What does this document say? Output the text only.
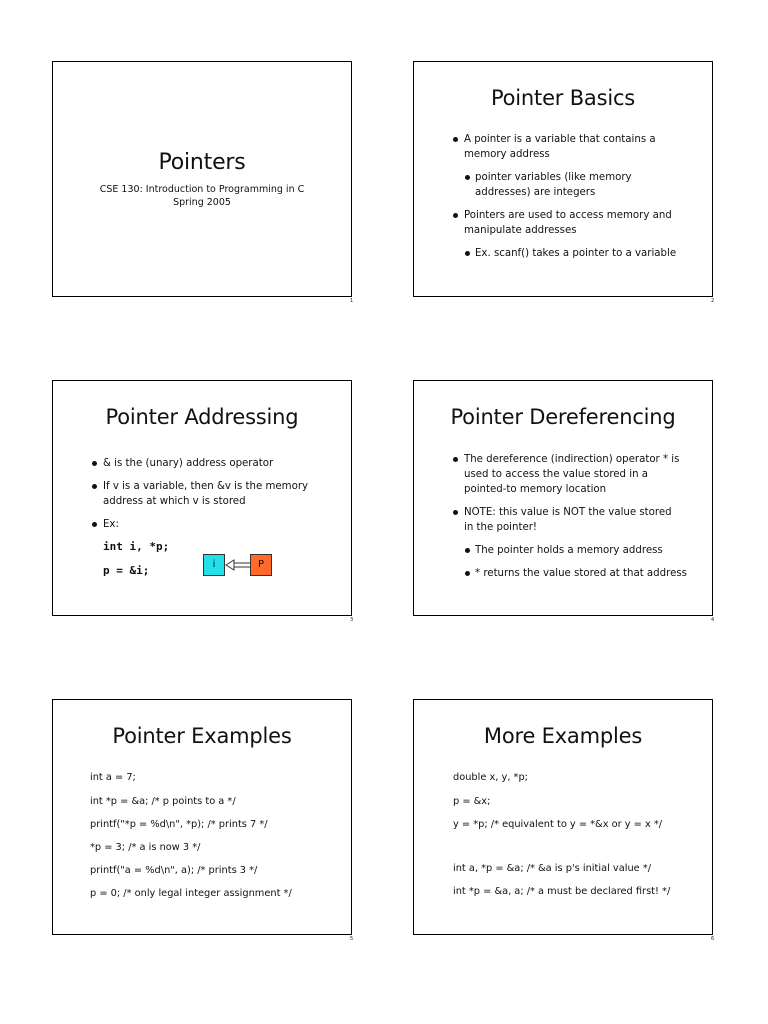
Pointers
CSE 130: Introduction to Programming in C
Spring 2005
1
Pointer Basics
A pointer is a variable that contains a
memory address
pointer variables (like memory
addresses) are integers
Pointers are used to access memory and
manipulate addresses
Ex. scanf() takes a pointer to a variable
2
Pointer Addressing
& is the (unary) address operator
If v is a variable, then &v is the memory
address at which v is stored
Ex:
int i, *p;
p = &i;	i	P
3
Pointer Dereferencing
The dereference (indirection) operator * is
used to access the value stored in a
pointed-to memory location
NOTE: this value is NOT the value stored
in the pointer!
The pointer holds a memory address
* returns the value stored at that address
4
Pointer Examples
int a = 7;
int *p = &a; /* p points to a */
printf("*p = %d\n", *p); /* prints 7 */
*p = 3; /* a is now 3 */
printf("a = %d\n", a); /* prints 3 */
p = 0; /* only legal integer assignment */
5
More Examples
double x, y, *p;
p = &x;
y = *p; /* equivalent to y = *&x or y = x */
int a, *p = &a; /* &a is p's initial value */
int *p = &a, a; /* a must be declared first! */
6
